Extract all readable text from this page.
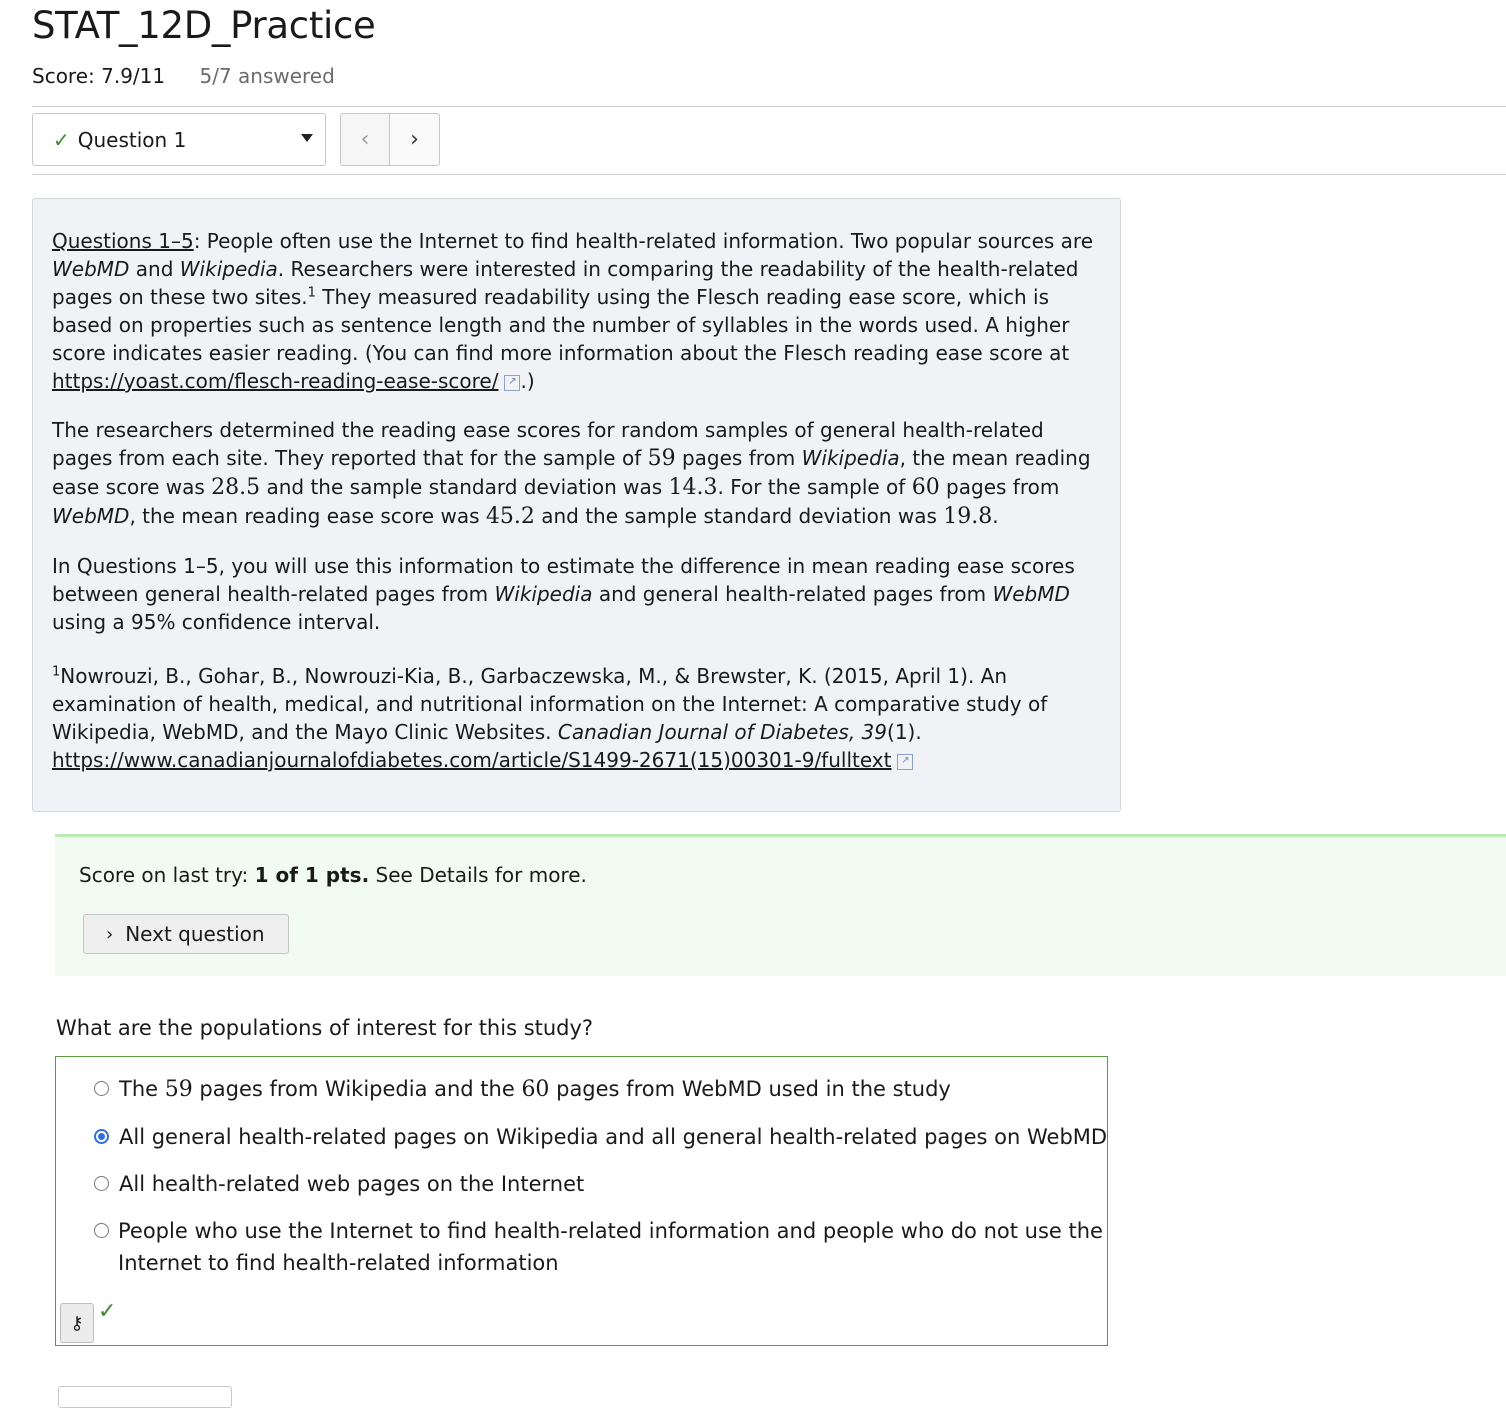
STAT_12D_Practice
Score: 7.9/11 5/7 answered
✓ Question 1	‹ ›

Questions 1–5: People often use the Internet to find health-related information. Two popular sources are WebMD and Wikipedia. Researchers were interested in comparing the readability of the health-related pages on these two sites.$^1$ They measured readability using the Flesch reading ease score, which is based on properties such as sentence length and the number of syllables in the words used. A higher score indicates easier reading. (You can find more information about the Flesch reading ease score at https://yoast.com/flesch-reading-ease-score/ ↗ .)

The researchers determined the reading ease scores for random samples of general health-related pages from each site. They reported that for the sample of 59 pages from Wikipedia, the mean reading ease score was 28.5 and the sample standard deviation was 14.3. For the sample of 60 pages from WebMD, the mean reading ease score was 45.2 and the sample standard deviation was 19.8.

In Questions 1–5, you will use this information to estimate the difference in mean reading ease scores between general health-related pages from Wikipedia and general health-related pages from WebMD using a 95% confidence interval.

$^1$Nowrouzi, B., Gohar, B., Nowrouzi-Kia, B., Garbaczewska, M., & Brewster, K. (2015, April 1). An examination of health, medical, and nutritional information on the Internet: A comparative study of Wikipedia, WebMD, and the Mayo Clinic Websites. Canadian Journal of Diabetes, 39(1).
https://www.canadianjournalofdiabetes.com/article/S1499-2671(15)00301-9/fulltext ↗

Score on last try: 1 of 1 pts. See Details for more.
› Next question
What are the populations of interest for this study?
The 59 pages from Wikipedia and the 60 pages from WebMD used in the study
All general health-related pages on Wikipedia and all general health-related pages on WebMD
All health-related web pages on the Internet
People who use the Internet to find health-related information and people who do not use the Internet to find health-related information
⚷ ✓
